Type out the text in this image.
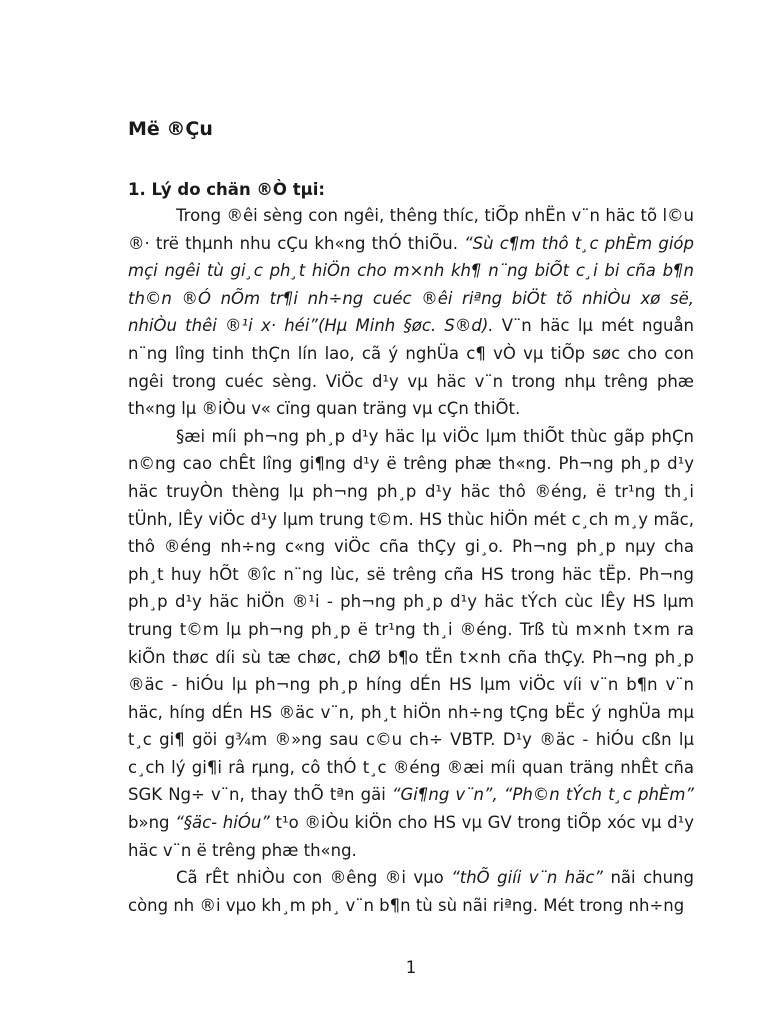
Më ®Çu
1. Lý do chän ®Ò tµi:

Trong ®êi sèng con ngêi, thêng thíc, tiÕp nhËn v¨n häc tõ l©u ®· trë thµnh nhu cÇu kh«ng thÓ thiÕu. “Sù c¶m thô t¸c phÈm gióp mçi ngêi tù gi¸c ph¸t hiÖn cho m×nh kh¶ n¨ng biÕt c¸i bi cña b¶n th©n ®Ó nÕm tr¶i nh÷ng cuéc ®êi riªng biÖt tõ nhiÒu xø së, nhiÒu thêi ®¹i x· héi”(Hµ Minh §øc. S®d). V¨n häc lµ mét nguån n¨ng lîng tinh thÇn lín lao, cã ý nghÜa c¶ vÒ vµ tiÕp søc cho con ngêi trong cuéc sèng. ViÖc d¹y vµ häc v¨n trong nhµ trêng phæ th«ng lµ ®iÒu v« cïng quan träng vµ cÇn thiÕt.

§æi míi ph¬ng ph¸p d¹y häc lµ viÖc lµm thiÕt thùc gãp phÇn n©ng cao chÊt lîng gi¶ng d¹y ë trêng phæ th«ng. Ph¬ng ph¸p d¹y häc truyÒn thèng lµ ph¬ng ph¸p d¹y häc thô ®éng, ë tr¹ng th¸i tÜnh, lÊy viÖc d¹y lµm trung t©m. HS thùc hiÖn mét c¸ch m¸y mãc, thô ®éng nh÷ng c«ng viÖc cña thÇy gi¸o. Ph¬ng ph¸p nµy cha ph¸t huy hÕt ®îc n¨ng lùc, së trêng cña HS trong häc tËp. Ph¬ng ph¸p d¹y häc hiÖn ®¹i - ph¬ng ph¸p d¹y häc tÝch cùc lÊy HS lµm trung t©m lµ ph¬ng ph¸p ë tr¹ng th¸i ®éng. Trß tù m×nh t×m ra kiÕn thøc díi sù tæ chøc, chØ b¶o tËn t×nh cña thÇy. Ph¬ng ph¸p ®äc - hiÓu lµ ph¬ng ph¸p híng dÉn HS lµm viÖc víi v¨n b¶n v¨n häc, híng dÉn HS ®äc v¨n, ph¸t hiÖn nh÷ng tÇng bËc ý nghÜa mµ t¸c gi¶ göi g¾m ®»ng sau c©u ch÷ VBTP. D¹y ®äc - hiÓu cßn lµ c¸ch lý gi¶i râ rµng, cô thÓ t¸c ®éng ®æi míi quan träng nhÊt cña SGK Ng÷ v¨n, thay thÕ tªn gäi “Gi¶ng v¨n”, “Ph©n tÝch t¸c phÈm” b»ng “§äc- hiÓu” t¹o ®iÒu kiÖn cho HS vµ GV trong tiÕp xóc vµ d¹y häc v¨n ë trêng phæ th«ng.

Cã rÊt nhiÒu con ®êng ®i vµo “thÕ giíi v¨n häc” nãi chung còng nh ®i vµo kh¸m ph¸ v¨n b¶n tù sù nãi riªng. Mét trong nh÷ng

1
